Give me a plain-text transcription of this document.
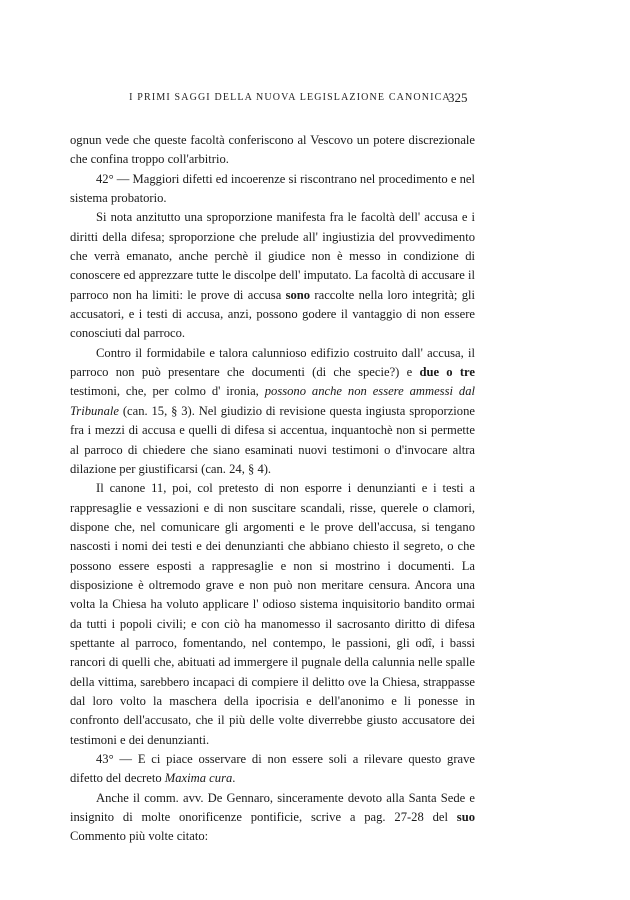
I PRIMI SAGGI DELLA NUOVA LEGISLAZIONE CANONICA
325

ognun vede che queste facoltà conferiscono al Vescovo un potere discrezionale che confina troppo coll'arbitrio.

42° — Maggiori difetti ed incoerenze si riscontrano nel procedimento e nel sistema probatorio.

Si nota anzitutto una sproporzione manifesta fra le facoltà dell' accusa e i diritti della difesa; sproporzione che prelude all' ingiustizia del provvedimento che verrà emanato, anche perchè il giudice non è messo in condizione di conoscere ed apprezzare tutte le discolpe dell' imputato. La facoltà di accusare il parroco non ha limiti: le prove di accusa sono raccolte nella loro integrità; gli accusatori, e i testi di accusa, anzi, possono godere il vantaggio di non essere conosciuti dal parroco.

Contro il formidabile e talora calunnioso edifizio costruito dall' accusa, il parroco non può presentare che documenti (di che specie?) e due o tre testimoni, che, per colmo d' ironia, possono anche non essere ammessi dal Tribunale (can. 15, § 3). Nel giudizio di revisione questa ingiusta sproporzione fra i mezzi di accusa e quelli di difesa si accentua, inquantochè non si permette al parroco di chiedere che siano esaminati nuovi testimoni o d'invocare altra dilazione per giustificarsi (can. 24, § 4).

Il canone 11, poi, col pretesto di non esporre i denunzianti e i testi a rappresaglie e vessazioni e di non suscitare scandali, risse, querele o clamori, dispone che, nel comunicare gli argomenti e le prove dell'accusa, si tengano nascosti i nomi dei testi e dei denunzianti che abbiano chiesto il segreto, o che possono essere esposti a rappresaglie e non si mostrino i documenti. La disposizione è oltremodo grave e non può non meritare censura. Ancora una volta la Chiesa ha voluto applicare l' odioso sistema inquisitorio bandito ormai da tutti i popoli civili; e con ciò ha manomesso il sacrosanto diritto di difesa spettante al parroco, fomentando, nel contempo, le passioni, gli odî, i bassi rancori di quelli che, abituati ad immergere il pugnale della calunnia nelle spalle della vittima, sarebbero incapaci di compiere il delitto ove la Chiesa, strappasse dal loro volto la maschera della ipocrisia e dell'anonimo e li ponesse in confronto dell'accusato, che il più delle volte diverrebbe giusto accusatore dei testimoni e dei denunzianti.

43° — E ci piace osservare di non essere soli a rilevare questo grave difetto del decreto Maxima cura.

Anche il comm. avv. De Gennaro, sinceramente devoto alla Santa Sede e insignito di molte onorificenze pontificie, scrive a pag. 27-28 del suo Commento più volte citato:
